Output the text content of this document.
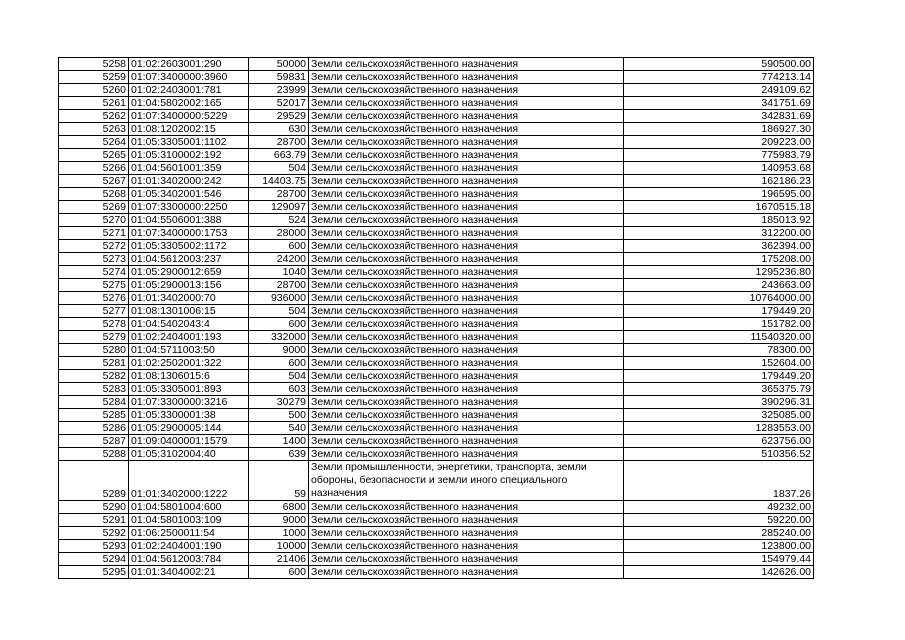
5258	01:02:2603001:290	50000	Земли сельскохозяйственного назначения	590500.00
5259	01:07:3400000:3960	59831	Земли сельскохозяйственного назначения	774213.14
5260	01:02:2403001:781	23999	Земли сельскохозяйственного назначения	249109.62
5261	01:04:5802002:165	52017	Земли сельскохозяйственного назначения	341751.69
5262	01:07:3400000:5229	29529	Земли сельскохозяйственного назначения	342831.69
5263	01:08:1202002:15	630	Земли сельскохозяйственного назначения	186927.30
5264	01:05:3305001:1102	28700	Земли сельскохозяйственного назначения	209223.00
5265	01:05:3100002:192	663.79	Земли сельскохозяйственного назначения	775983.79
5266	01:04:5601001:359	504	Земли сельскохозяйственного назначения	140953.68
5267	01:01:3402000:242	14403.75	Земли сельскохозяйственного назначения	162186.23
5268	01:05:3402001:546	28700	Земли сельскохозяйственного назначения	196595.00
5269	01:07:3300000:2250	129097	Земли сельскохозяйственного назначения	1670515.18
5270	01:04:5506001:388	524	Земли сельскохозяйственного назначения	185013.92
5271	01:07:3400000:1753	28000	Земли сельскохозяйственного назначения	312200.00
5272	01:05:3305002:1172	600	Земли сельскохозяйственного назначения	362394.00
5273	01:04:5612003:237	24200	Земли сельскохозяйственного назначения	175208.00
5274	01:05:2900012:659	1040	Земли сельскохозяйственного назначения	1295236.80
5275	01:05:2900013:156	28700	Земли сельскохозяйственного назначения	243663.00
5276	01:01:3402000:70	936000	Земли сельскохозяйственного назначения	10764000.00
5277	01:08:1301006:15	504	Земли сельскохозяйственного назначения	179449.20
5278	01:04:5402043:4	600	Земли сельскохозяйственного назначения	151782.00
5279	01:02:2404001:193	332000	Земли сельскохозяйственного назначения	11540320.00
5280	01:04:5711003:50	9000	Земли сельскохозяйственного назначения	78300.00
5281	01:02:2502001:322	600	Земли сельскохозяйственного назначения	152604.00
5282	01:08:1306015:6	504	Земли сельскохозяйственного назначения	179449.20
5283	01:05:3305001:893	603	Земли сельскохозяйственного назначения	365375.79
5284	01:07:3300000:3216	30279	Земли сельскохозяйственного назначения	390296.31
5285	01:05:3300001:38	500	Земли сельскохозяйственного назначения	325085.00
5286	01:05:2900005:144	540	Земли сельскохозяйственного назначения	1283553.00
5287	01:09:0400001:1579	1400	Земли сельскохозяйственного назначения	623756.00
5288	01:05:3102004:40	639	Земли сельскохозяйственного назначения	510356.52
5289	01:01:3402000:1222	59	Земли промышленности, энергетики, транспорта, земли обороны, безопасности и земли иного специального назначения	1837.26
5290	01:04:5801004:600	6800	Земли сельскохозяйственного назначения	49232.00
5291	01:04:5801003:109	9000	Земли сельскохозяйственного назначения	59220.00
5292	01:06:2500011:54	1000	Земли сельскохозяйственного назначения	285240.00
5293	01:02:2404001:190	10000	Земли сельскохозяйственного назначения	123800.00
5294	01:04:5612003:784	21406	Земли сельскохозяйственного назначения	154979.44
5295	01:01:3404002:21	600	Земли сельскохозяйственного назначения	142626.00
